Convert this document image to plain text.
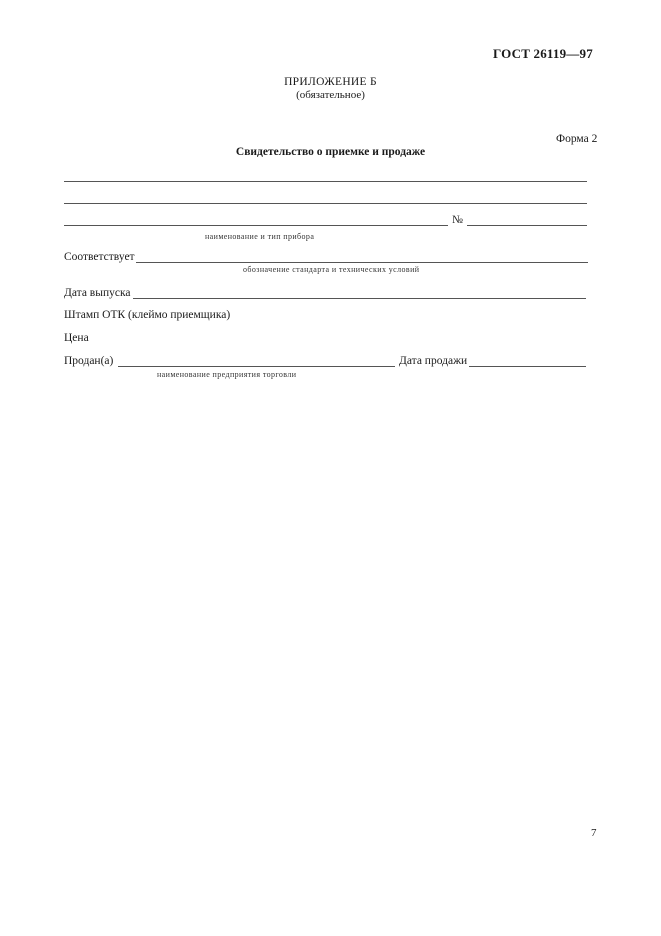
ГОСТ 26119—97
ПРИЛОЖЕНИЕ Б
(обязательное)
Форма 2
Свидетельство о приемке и продаже
№
наименование и тип прибора
Соответствует
обозначение стандарта и технических условий
Дата выпуска
Штамп ОТК (клеймо приемщика)
Цена
Продан(а)	Дата продажи
наименование предприятия торговли
7
